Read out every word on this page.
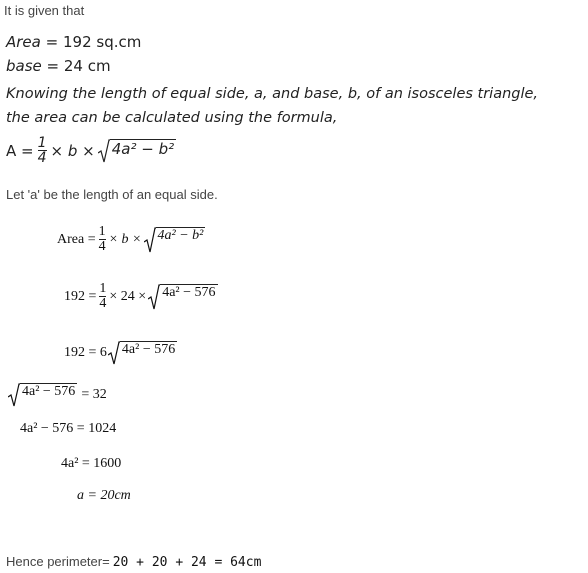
It is given that
Area = 192 sq.cm
base = 24 cm
Knowing the length of equal side, a, and base, b, of an isosceles triangle,
the area can be calculated using the formula,
$A = \frac{1}{4} \times b \times 4a^2 - b^2$
Let 'a' be the length of an equal side.
Area = $\frac{1}{4} \times b \times 4a^2 - b^2$
$192 = \frac{1}{4} \times 24 \times 4a^2 - 576$
192 = 6 4a² − 576
4a² − 576 = 32
4a² − 576 = 1024
4a² = 1600
a = 20cm
Hence perimeter= 20 + 20 + 24 = 64cm
